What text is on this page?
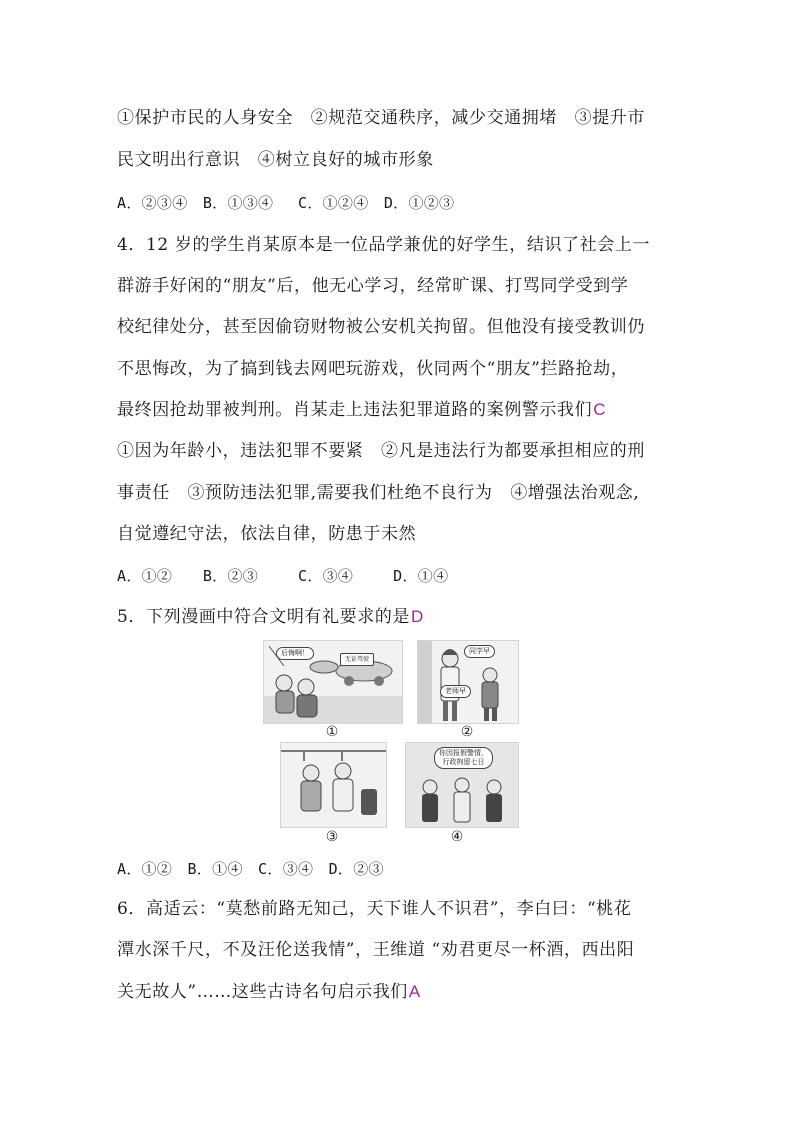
①保护市民的人身安全　②规范交通秩序，减少交通拥堵　③提升市
民文明出行意识　④树立良好的城市形象
A．②③④　B．①③④　 C．①②④　D．①②③
4．12 岁的学生肖某原本是一位品学兼优的好学生，结识了社会上一
群游手好闲的“朋友”后，他无心学习，经常旷课、打骂同学受到学
校纪律处分，甚至因偷窃财物被公安机关拘留。但他没有接受教训仍
不思悔改，为了搞到钱去网吧玩游戏，伙同两个“朋友”拦路抢劫，
最终因抢劫罪被判刑。肖某走上违法犯罪道路的案例警示我们C
①因为年龄小，违法犯罪不要紧　②凡是违法行为都要承担相应的刑
事责任　③预防违法犯罪,需要我们杜绝不良行为　④增强法治观念,
自觉遵纪守法，依法自律，防患于未然
A．①②　　B．②③　　 C．③④　　 D．①④
5．下列漫画中符合文明有礼要求的是D
后悔啊！
无证驾驶
①
同学早
老师早
②
③
你因报假警情，
行政拘留七日
④
A．①②　B．①④　C．③④　D．②③
6．高适云：“莫愁前路无知己，天下谁人不识君”，李白曰：“桃花
潭水深千尺，不及汪伦送我情”，王维道 “劝君更尽一杯酒，西出阳
关无故人”……这些古诗名句启示我们A
